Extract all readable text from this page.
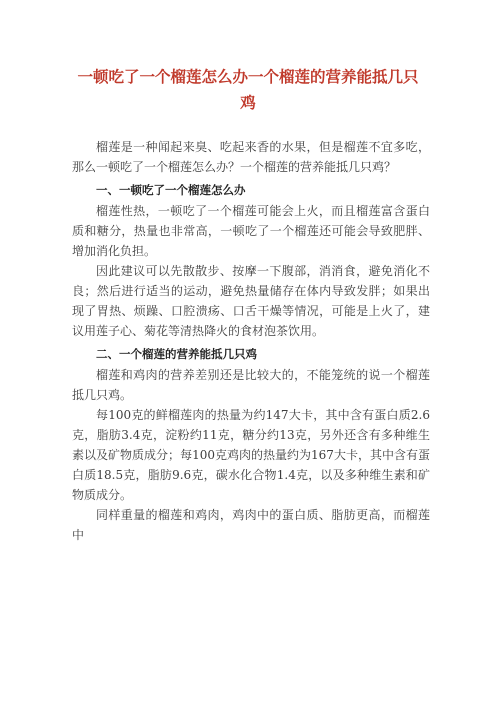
一顿吃了一个榴莲怎么办一个榴莲的营养能抵几只鸡

榴莲是一种闻起来臭、吃起来香的水果，但是榴莲不宜多吃，那么一顿吃了一个榴莲怎么办？一个榴莲的营养能抵几只鸡？

一、一顿吃了一个榴莲怎么办

榴莲性热，一顿吃了一个榴莲可能会上火，而且榴莲富含蛋白质和糖分，热量也非常高，一顿吃了一个榴莲还可能会导致肥胖、增加消化负担。

因此建议可以先散散步、按摩一下腹部，消消食，避免消化不良；然后进行适当的运动，避免热量储存在体内导致发胖；如果出现了胃热、烦躁、口腔溃疡、口舌干燥等情况，可能是上火了，建议用莲子心、菊花等清热降火的食材泡茶饮用。

二、一个榴莲的营养能抵几只鸡

榴莲和鸡肉的营养差别还是比较大的，不能笼统的说一个榴莲抵几只鸡。

每100克的鲜榴莲肉的热量为约147大卡，其中含有蛋白质2.6克，脂肪3.4克，淀粉约11克，糖分约13克，另外还含有多种维生素以及矿物质成分；每100克鸡肉的热量约为167大卡，其中含有蛋白质18.5克，脂肪9.6克，碳水化合物1.4克，以及多种维生素和矿物质成分。

同样重量的榴莲和鸡肉，鸡肉中的蛋白质、脂肪更高，而榴莲中
